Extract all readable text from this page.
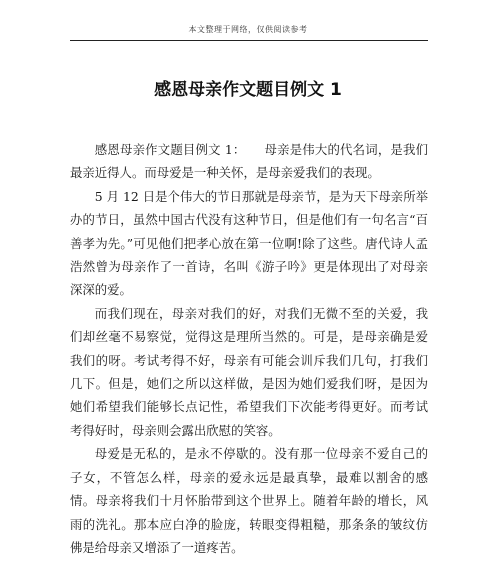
本文整理于网络，仅供阅读参考
感恩母亲作文题目例文 1

感恩母亲作文题目例文 1：　　母亲是伟大的代名词，是我们最亲近得人。而母爱是一种关怀，是母亲爱我们的表现。

5 月 12 日是个伟大的节日那就是母亲节，是为天下母亲所举办的节日，虽然中国古代没有这种节日，但是他们有一句名言“百善孝为先。”可见他们把孝心放在第一位啊!除了这些。唐代诗人孟浩然曾为母亲作了一首诗，名叫《游子吟》更是体现出了对母亲深深的爱。

而我们现在，母亲对我们的好，对我们无微不至的关爱，我们却丝毫不易察觉，觉得这是理所当然的。可是，是母亲确是爱我们的呀。考试考得不好，母亲有可能会训斥我们几句，打我们几下。但是，她们之所以这样做，是因为她们爱我们呀，是因为她们希望我们能够长点记性，希望我们下次能考得更好。而考试考得好时，母亲则会露出欣慰的笑容。

母爱是无私的，是永不停歇的。没有那一位母亲不爱自己的子女，不管怎么样，母亲的爱永远是最真挚，最难以割舍的感情。母亲将我们十月怀胎带到这个世界上。随着年龄的增长，风雨的洗礼。那本应白净的脸庞，转眼变得粗糙，那条条的皱纹仿佛是给母亲又增添了一道疼苦。
